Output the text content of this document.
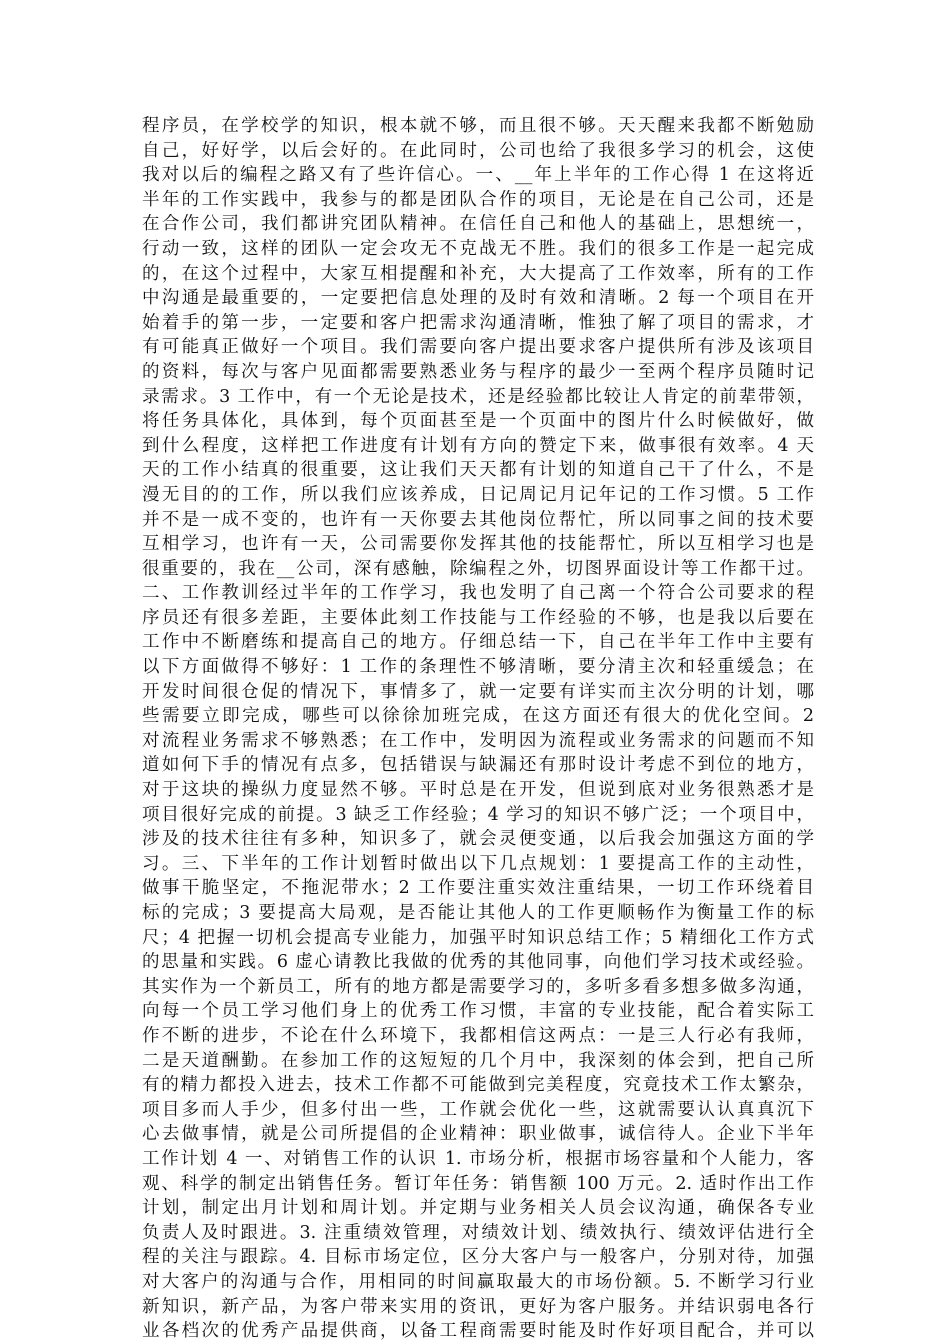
程序员，在学校学的知识，根本就不够，而且很不够。天天醒来我都不断勉励
自己，好好学，以后会好的。在此同时，公司也给了我很多学习的机会，这使
我对以后的编程之路又有了些许信心。一、__年上半年的工作心得 1 在这将近
半年的工作实践中，我参与的都是团队合作的项目，无论是在自己公司，还是
在合作公司，我们都讲究团队精神。在信任自己和他人的基础上，思想统一，
行动一致，这样的团队一定会攻无不克战无不胜。我们的很多工作是一起完成
的，在这个过程中，大家互相提醒和补充，大大提高了工作效率，所有的工作
中沟通是最重要的，一定要把信息处理的及时有效和清晰。2 每一个项目在开
始着手的第一步，一定要和客户把需求沟通清晰，惟独了解了项目的需求，才
有可能真正做好一个项目。我们需要向客户提出要求客户提供所有涉及该项目
的资料，每次与客户见面都需要熟悉业务与程序的最少一至两个程序员随时记
录需求。3 工作中，有一个无论是技术，还是经验都比较让人肯定的前辈带领，
将任务具体化，具体到，每个页面甚至是一个页面中的图片什么时候做好，做
到什么程度，这样把工作进度有计划有方向的赞定下来，做事很有效率。4 天
天的工作小结真的很重要，这让我们天天都有计划的知道自己干了什么，不是
漫无目的的工作，所以我们应该养成，日记周记月记年记的工作习惯。5 工作
并不是一成不变的，也许有一天你要去其他岗位帮忙，所以同事之间的技术要
互相学习，也许有一天，公司需要你发挥其他的技能帮忙，所以互相学习也是
很重要的，我在__公司，深有感触，除编程之外，切图界面设计等工作都干过。
二、工作教训经过半年的工作学习，我也发明了自己离一个符合公司要求的程
序员还有很多差距，主要体此刻工作技能与工作经验的不够，也是我以后要在
工作中不断磨练和提高自己的地方。仔细总结一下，自己在半年工作中主要有
以下方面做得不够好：1 工作的条理性不够清晰，要分清主次和轻重缓急；在
开发时间很仓促的情况下，事情多了，就一定要有详实而主次分明的计划，哪
些需要立即完成，哪些可以徐徐加班完成，在这方面还有很大的优化空间。2
对流程业务需求不够熟悉；在工作中，发明因为流程或业务需求的问题而不知
道如何下手的情况有点多，包括错误与缺漏还有那时设计考虑不到位的地方，
对于这块的操纵力度显然不够。平时总是在开发，但说到底对业务很熟悉才是
项目很好完成的前提。3 缺乏工作经验；4 学习的知识不够广泛；一个项目中，
涉及的技术往往有多种，知识多了，就会灵便变通，以后我会加强这方面的学
习。三、下半年的工作计划暂时做出以下几点规划：1 要提高工作的主动性，
做事干脆坚定，不拖泥带水；2 工作要注重实效注重结果，一切工作环绕着目
标的完成；3 要提高大局观，是否能让其他人的工作更顺畅作为衡量工作的标
尺；4 把握一切机会提高专业能力，加强平时知识总结工作；5 精细化工作方式
的思量和实践。6 虚心请教比我做的优秀的其他同事，向他们学习技术或经验。
其实作为一个新员工，所有的地方都是需要学习的，多听多看多想多做多沟通，
向每一个员工学习他们身上的优秀工作习惯，丰富的专业技能，配合着实际工
作不断的进步，不论在什么环境下，我都相信这两点：一是三人行必有我师，
二是天道酬勤。在参加工作的这短短的几个月中，我深刻的体会到，把自己所
有的精力都投入进去，技术工作都不可能做到完美程度，究竟技术工作太繁杂，
项目多而人手少，但多付出一些，工作就会优化一些，这就需要认认真真沉下
心去做事情，就是公司所提倡的企业精神：职业做事，诚信待人。企业下半年
工作计划 4 一、对销售工作的认识 1. 市场分析，根据市场容量和个人能力，客
观、科学的制定出销售任务。暂订年任务：销售额 100 万元。2. 适时作出工作
计划，制定出月计划和周计划。并定期与业务相关人员会议沟通，确保各专业
负责人及时跟进。3. 注重绩效管理，对绩效计划、绩效执行、绩效评估进行全
程的关注与跟踪。4. 目标市场定位，区分大客户与一般客户，分别对待，加强
对大客户的沟通与合作，用相同的时间赢取最大的市场份额。5. 不断学习行业
新知识，新产品，为客户带来实用的资讯，更好为客户服务。并结识弱电各行
业各档次的优秀产品提供商，以备工程商需要时能及时作好项目配合，并可以
